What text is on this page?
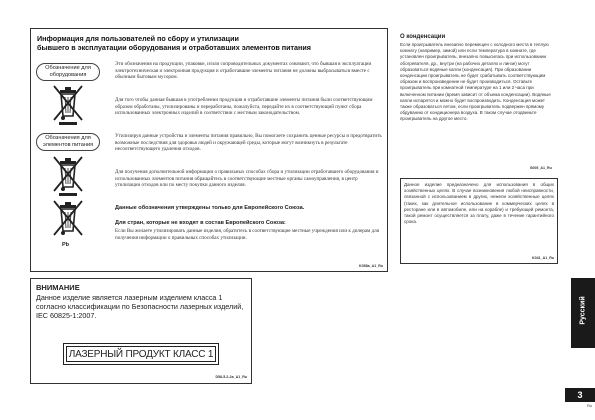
Информация для пользователей по сбору и утилизации
бывшего в эксплуатации оборудования и отработавших элементов питания
Обозначение для оборудования
Обозначения для элементов питания
Pb
Эти обозначения на продукции, упаковке, и/или сопроводительных документах означают, что бывшая в эксплуатации электротехническая и электронная продукция и отработавшие элементы питания не должны выбрасываться вместе с обычным бытовым мусором.
Для того чтобы данная бывшая в употреблении продукция и отработавшие элементы питания были соответствующим образом обработаны, утилизированы и переработаны, пожалуйста, передайте их в соответствующий пункт сбора использованных электронных изделий в соответствии с местным законодательством.
Утилизируя данные устройства и элементы питания правильно, Вы помогаете сохранить ценные ресурсы и предотвратить возможные последствия для здоровья людей и окружающей среды, которые могут возникнуть в результате несоответствующего удаления отходов.
Для получения дополнительной информации о правильных способах сбора и утилизации отработавшего оборудования и использованных элементов питания обращайтесь в соответствующие местные органы самоуправления, в центр утилизации отходов или по месту покупки данного изделия.
Данные обозначения утверждены только для Европейского Союза.
Для стран, которые не входят в состав Европейского Союза:
Если Вы желаете утилизировать данные изделия, обратитесь в соответствующие местные учреждения или к дилерам для получения информации о правильных способах утилизации.
K058a_A1_Ru
О конденсации
Если проигрыватель внезапно перемещен с холодного места в теплую комнату (например, зимой) или если температура в комнате, где установлен проигрыватель, внезапно повысилась при использовании обогревателя, др., внутри (на рабочих деталях и линзе) могут образоваться водяные капли (конденсация). При образовании конденсации проигрыватель не будет срабатывать соответствующим образом и воспроизведение не будет производиться. Оставьте проигрыватель при комнатной температуре на 1 или 2 часа при включенном питании (время зависит от объема конденсации). Водяные капли испарятся и можно будет воспроизводить. Конденсация может также образоваться летом, если проигрыватель подвержен прямому обдуванию от кондиционера воздуха. В таком случае отодвиньте проигрыватель на другое место.
S005_A1_Ru
Данное изделие предназначено для использования в общих хозяйственных целях. В случае возникновения любой неисправности, связанной с использованием в других, нежели хозяйственные целях (таких, как длительное использование в коммерческих целях в ресторане или в автомобиле, или на корабле) и требующей ремонта, такой ремонт осуществляется за плату, даже в течение гарантийного срока.
K041_A1_Ru
ВНИМАНИЕ
Данное изделие является лазерным изделием класса 1 согласно классификации по Безопасности лазерных изделий, IEC 60825-1:2007.
ЛАЗЕРНЫЙ ПРОДУКТ КЛАСС 1
D58-5-2-2a_A1_Ru
Русский
3
Ru
